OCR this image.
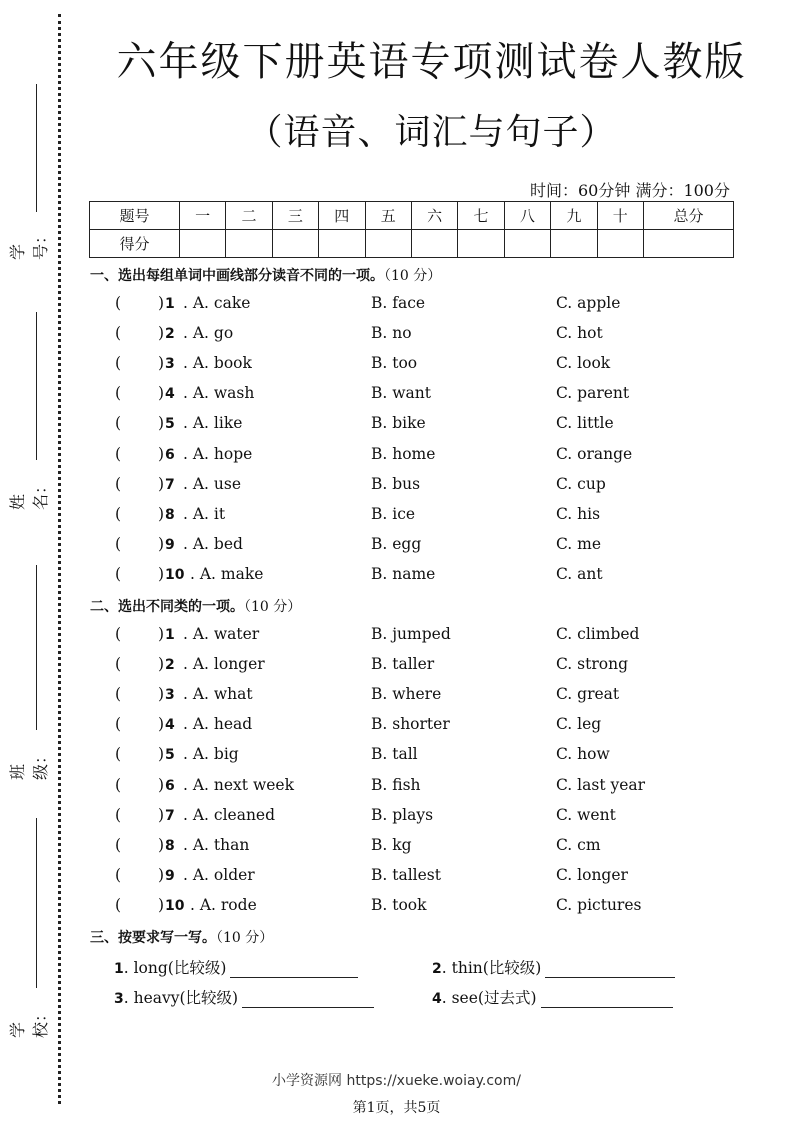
学号：
姓名：
班级：
学校：
六年级下册英语专项测试卷人教版
（语音、词汇与句子）
时间：60分钟 满分：100分
题号	一	二	三	四	五	六	七	八	九	十	总分
得分											
一、选出每组单词中画线部分读音不同的一项。（10 分）
( ) 1 . A. cake	B. face	C. apple
( ) 2 . A. go	B. no	C. hot
( ) 3 . A. book	B. too	C. look
( ) 4 . A. wash	B. want	C. parent
( ) 5 . A. like	B. bike	C. little
( ) 6 . A. hope	B. home	C. orange
( ) 7 . A. use	B. bus	C. cup
( ) 8 . A. it	B. ice	C. his
( ) 9 . A. bed	B. egg	C. me
( ) 10 . A. make	B. name	C. ant
二、选出不同类的一项。（10 分）
( ) 1 . A. water	B. jumped	C. climbed
( ) 2 . A. longer	B. taller	C. strong
( ) 3 . A. what	B. where	C. great
( ) 4 . A. head	B. shorter	C. leg
( ) 5 . A. big	B. tall	C. how
( ) 6 . A. next week	B. fish	C. last year
( ) 7 . A. cleaned	B. plays	C. went
( ) 8 . A. than	B. kg	C. cm
( ) 9 . A. older	B. tallest	C. longer
( ) 10 . A. rode	B. took	C. pictures
三、按要求写一写。（10 分）
1. long(比较级)	2. thin(比较级)
3. heavy(比较级)	4. see(过去式)
小学资源网 https://xueke.woiay.com/
第1页，共5页
